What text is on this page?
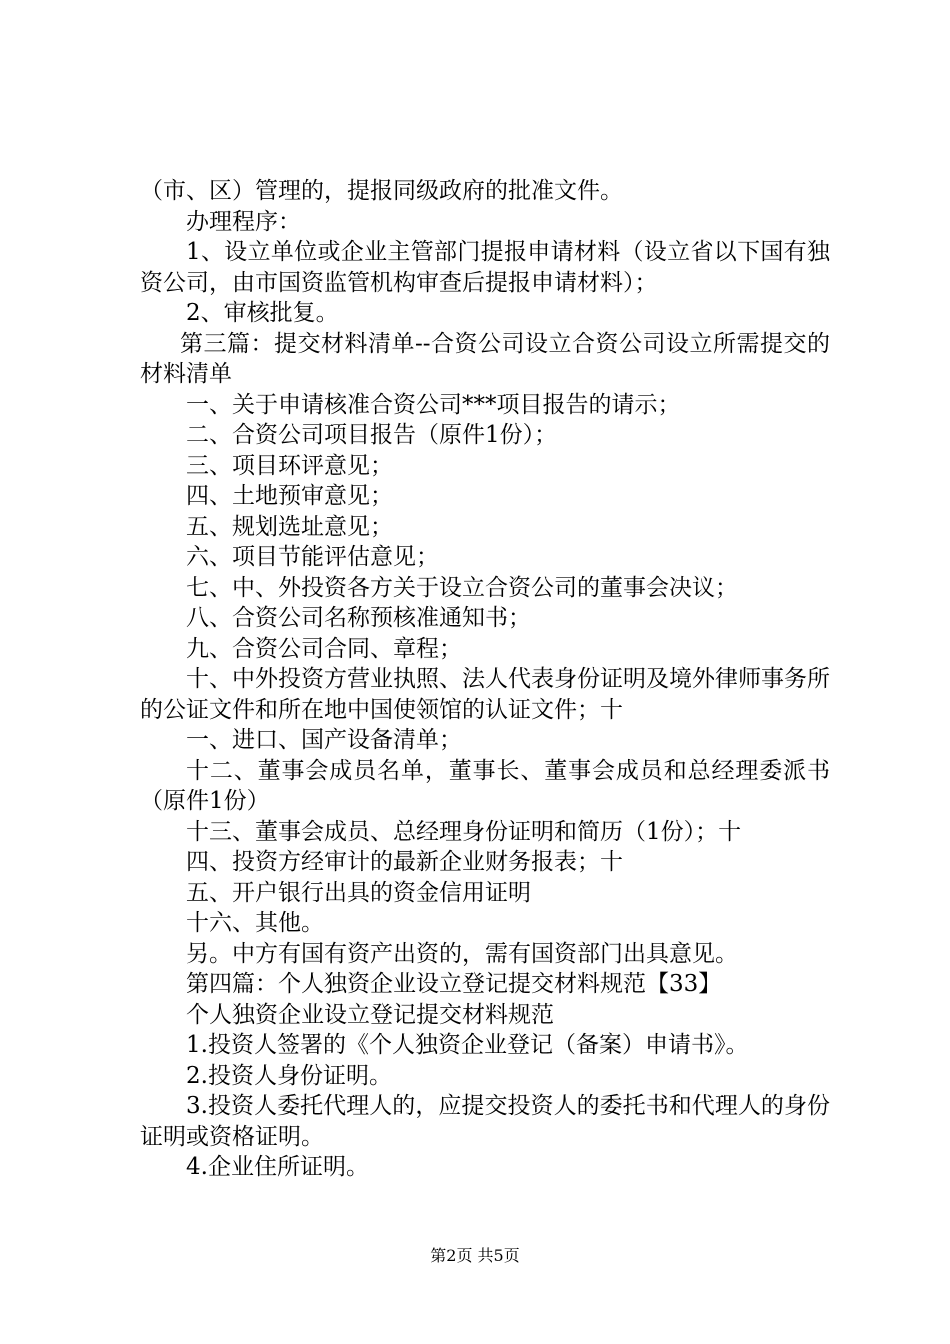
（市、区）管理的，提报同级政府的批准文件。

办理程序：

1、设立单位或企业主管部门提报申请材料（设立省以下国有独资公司，由市国资监管机构审查后提报申请材料）；

2、审核批复。

第三篇：提交材料清单--合资公司设立合资公司设立所需提交的材料清单

一、关于申请核准合资公司***项目报告的请示；

二、合资公司项目报告（原件1份）；

三、项目环评意见；

四、土地预审意见；

五、规划选址意见；

六、项目节能评估意见；

七、中、外投资各方关于设立合资公司的董事会决议；

八、合资公司名称预核准通知书；

九、合资公司合同、章程；

十、中外投资方营业执照、法人代表身份证明及境外律师事务所的公证文件和所在地中国使领馆的认证文件；十

一、进口、国产设备清单；

十二、董事会成员名单，董事长、董事会成员和总经理委派书（原件1份）

十三、董事会成员、总经理身份证明和简历（1份）；十

四、投资方经审计的最新企业财务报表；十

五、开户银行出具的资金信用证明

十六、其他。

另。中方有国有资产出资的，需有国资部门出具意见。

第四篇：个人独资企业设立登记提交材料规范【33】

个人独资企业设立登记提交材料规范

1.投资人签署的《个人独资企业登记（备案）申请书》。

2.投资人身份证明。

3.投资人委托代理人的，应提交投资人的委托书和代理人的身份证明或资格证明。

4.企业住所证明。

第2页 共5页
